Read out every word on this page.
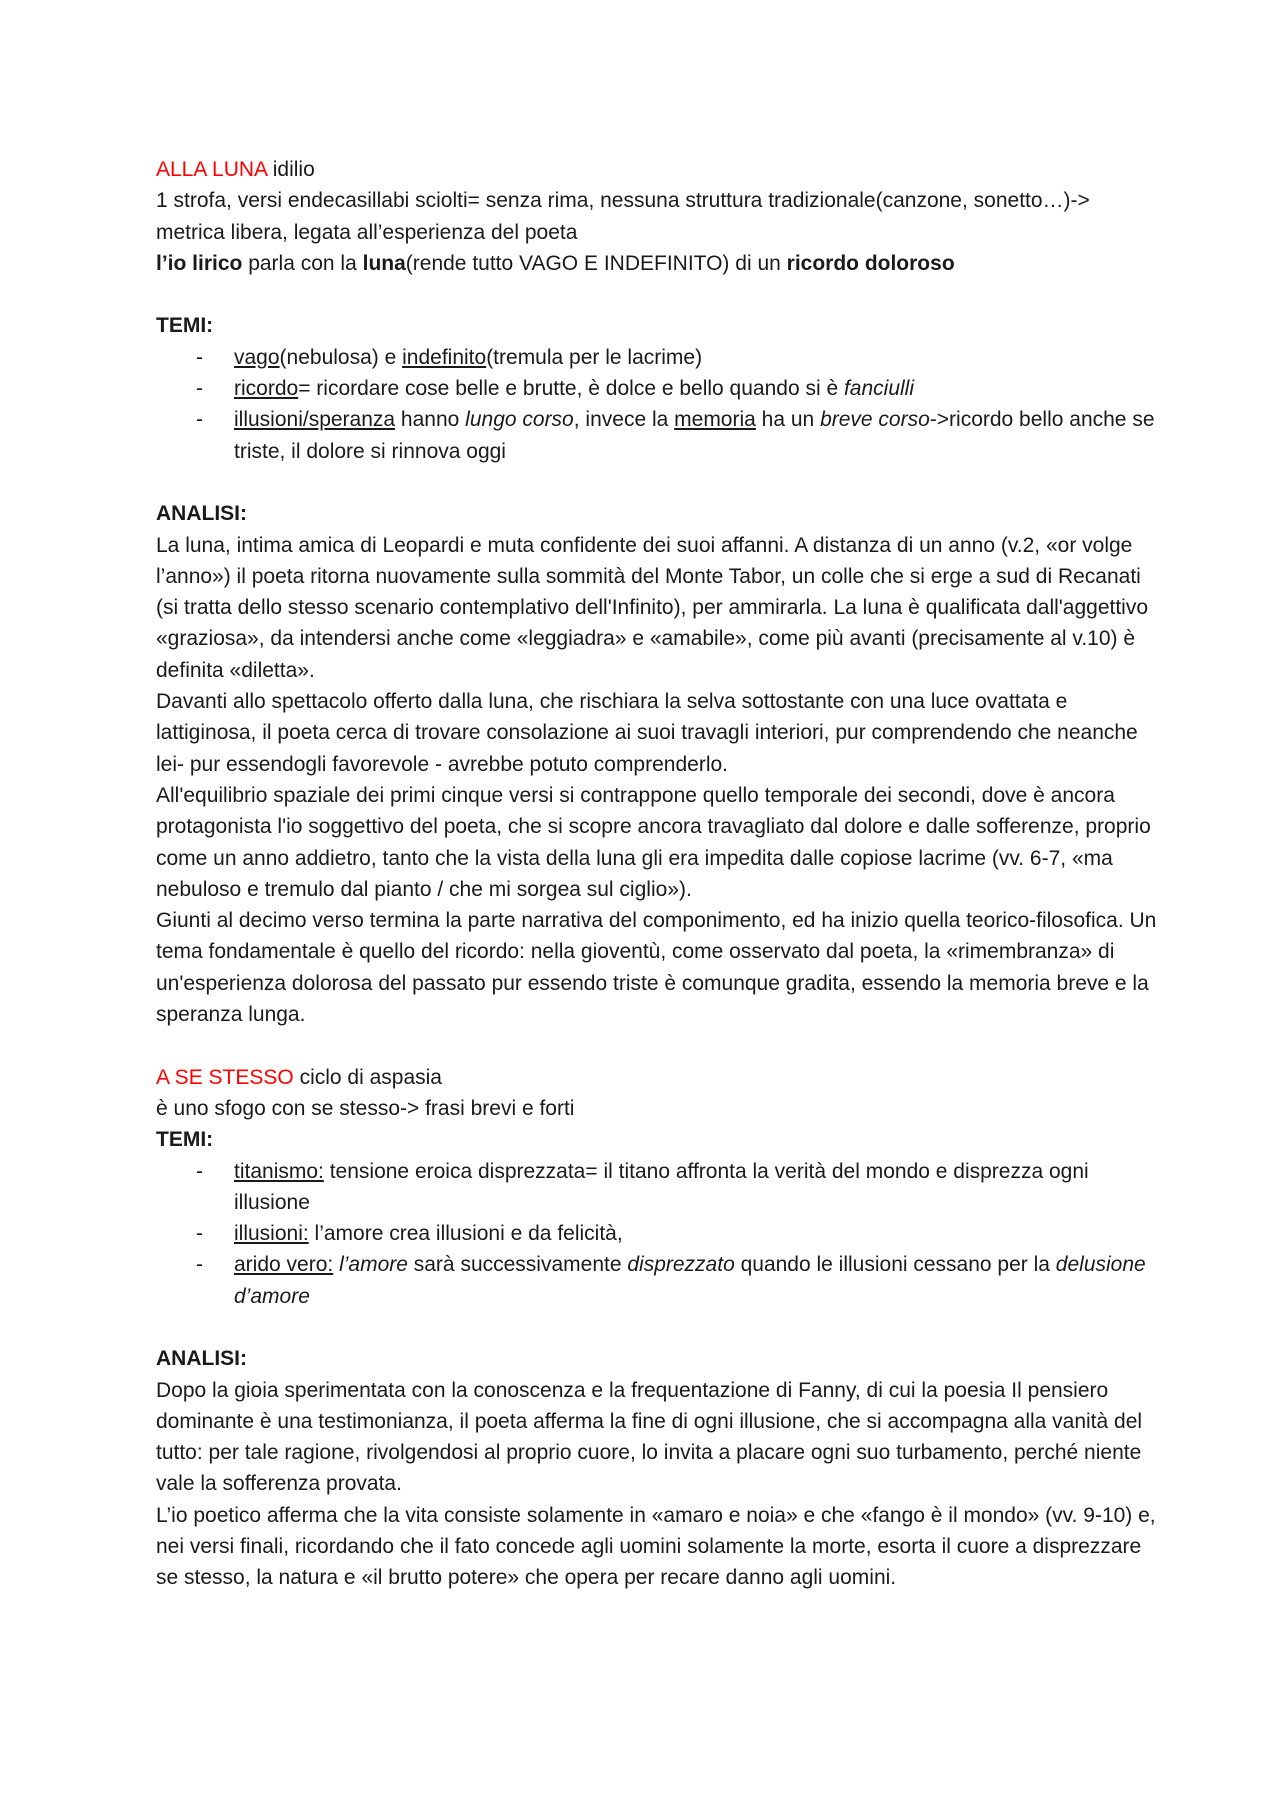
ALLA LUNA idilio

1 strofa, versi endecasillabi sciolti= senza rima, nessuna struttura tradizionale(canzone, sonetto…)-> metrica libera, legata all’esperienza del poeta

l’io lirico parla con la luna(rende tutto VAGO E INDEFINITO) di un ricordo doloroso

TEMI:

- vago(nebulosa) e indefinito(tremula per le lacrime)
- ricordo= ricordare cose belle e brutte, è dolce e bello quando si è fanciulli
- illusioni/speranza hanno lungo corso, invece la memoria ha un breve corso->ricordo bello anche se triste, il dolore si rinnova oggi

ANALISI:

La luna, intima amica di Leopardi e muta confidente dei suoi affanni. A distanza di un anno (v.2, «or volge l’anno») il poeta ritorna nuovamente sulla sommità del Monte Tabor, un colle che si erge a sud di Recanati (si tratta dello stesso scenario contemplativo dell'Infinito), per ammirarla. La luna è qualificata dall'aggettivo «graziosa», da intendersi anche come «leggiadra» e «amabile», come più avanti (precisamente al v.10) è definita «diletta».

Davanti allo spettacolo offerto dalla luna, che rischiara la selva sottostante con una luce ovattata e lattiginosa, il poeta cerca di trovare consolazione ai suoi travagli interiori, pur comprendendo che neanche lei- pur essendogli favorevole - avrebbe potuto comprenderlo.

All'equilibrio spaziale dei primi cinque versi si contrappone quello temporale dei secondi, dove è ancora protagonista l'io soggettivo del poeta, che si scopre ancora travagliato dal dolore e dalle sofferenze, proprio come un anno addietro, tanto che la vista della luna gli era impedita dalle copiose lacrime (vv. 6-7, «ma nebuloso e tremulo dal pianto / che mi sorgea sul ciglio»).

Giunti al decimo verso termina la parte narrativa del componimento, ed ha inizio quella teorico-filosofica. Un tema fondamentale è quello del ricordo: nella gioventù, come osservato dal poeta, la «rimembranza» di un'esperienza dolorosa del passato pur essendo triste è comunque gradita, essendo la memoria breve e la speranza lunga.

A SE STESSO ciclo di aspasia

è uno sfogo con se stesso-> frasi brevi e forti

TEMI:

- titanismo: tensione eroica disprezzata= il titano affronta la verità del mondo e disprezza ogni illusione
- illusioni: l’amore crea illusioni e da felicità,
- arido vero: l’amore sarà successivamente disprezzato quando le illusioni cessano per la delusione d’amore

ANALISI:

Dopo la gioia sperimentata con la conoscenza e la frequentazione di Fanny, di cui la poesia Il pensiero dominante è una testimonianza, il poeta afferma la fine di ogni illusione, che si accompagna alla vanità del tutto: per tale ragione, rivolgendosi al proprio cuore, lo invita a placare ogni suo turbamento, perché niente vale la sofferenza provata.

L’io poetico afferma che la vita consiste solamente in «amaro e noia» e che «fango è il mondo» (vv. 9-10) e, nei versi finali, ricordando che il fato concede agli uomini solamente la morte, esorta il cuore a disprezzare se stesso, la natura e «il brutto potere» che opera per recare danno agli uomini.
